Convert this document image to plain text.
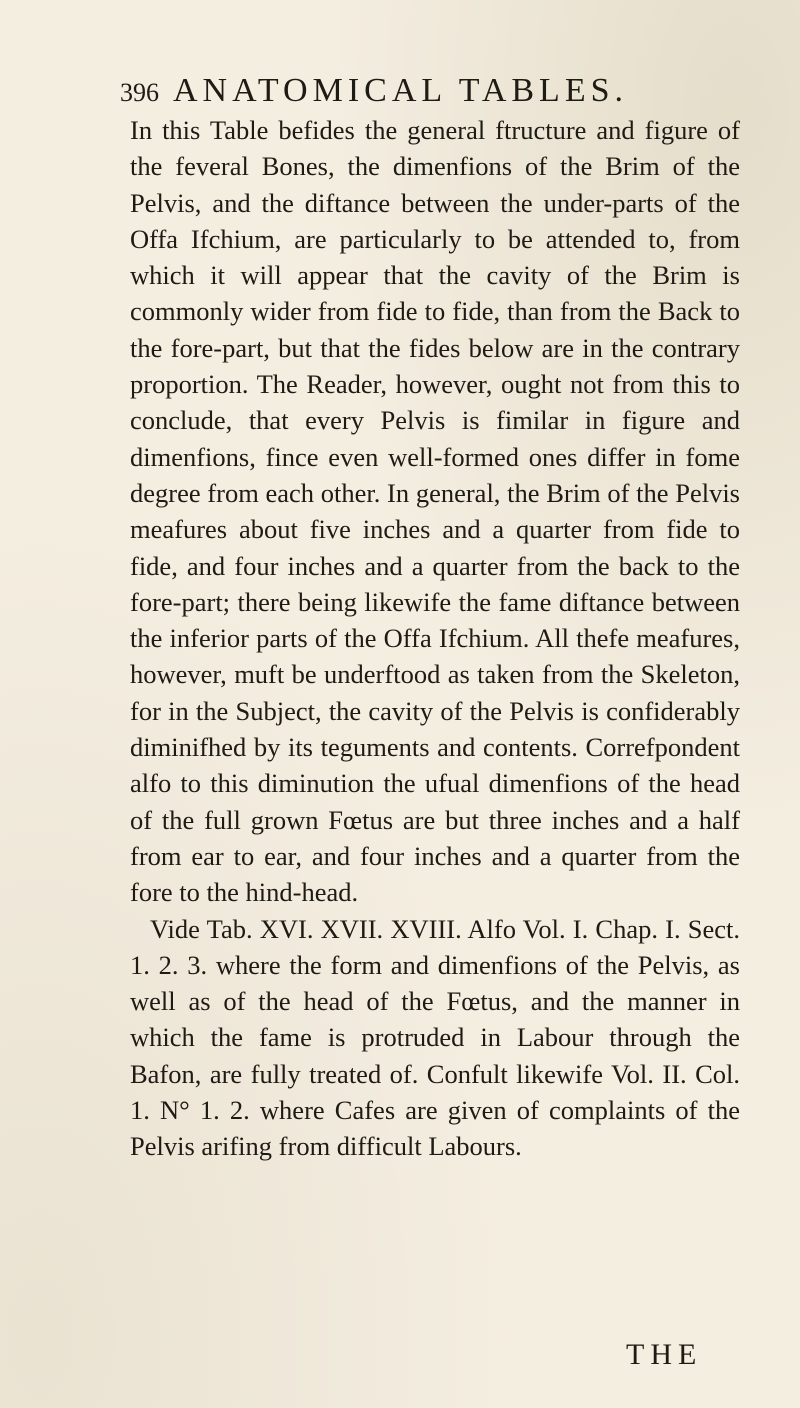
396 ANATOMICAL TABLES.

In this Table befides the general ftructure and figure of the feveral Bones, the dimenfions of the Brim of the Pelvis, and the diftance between the under-parts of the Offa Ifchium, are particularly to be attended to, from which it will appear that the cavity of the Brim is commonly wider from fide to fide, than from the Back to the fore-part, but that the fides below are in the contrary proportion. The Reader, however, ought not from this to conclude, that every Pelvis is fimilar in figure and dimenfions, fince even well-formed ones differ in fome degree from each other. In general, the Brim of the Pelvis meafures about five inches and a quarter from fide to fide, and four inches and a quarter from the back to the fore-part; there being likewife the fame diftance between the inferior parts of the Offa Ifchium. All thefe meafures, however, muft be underftood as taken from the Skeleton, for in the Subject, the cavity of the Pelvis is confiderably diminifhed by its teguments and contents. Correfpondent alfo to this diminution the ufual dimenfions of the head of the full grown Fœtus are but three inches and a half from ear to ear, and four inches and a quarter from the fore to the hind-head.

Vide Tab. XVI. XVII. XVIII. Alfo Vol. I. Chap. I. Sect. 1. 2. 3. where the form and dimenfions of the Pelvis, as well as of the head of the Fœtus, and the manner in which the fame is protruded in Labour through the Bafon, are fully treated of. Confult likewife Vol. II. Col. 1. N° 1. 2. where Cafes are given of complaints of the Pelvis arifing from difficult Labours.

THE
